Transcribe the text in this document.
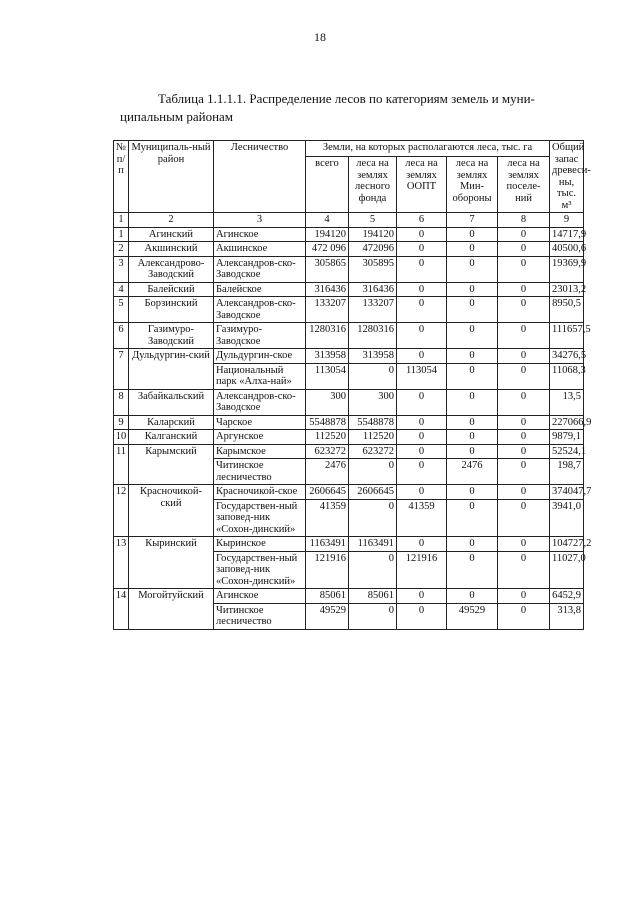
18
Таблица 1.1.1.1. Распределение лесов по категориям земель и муни-
ципальным районам
№ п/ п	Муниципаль-ный район	Лесничество	Земли, на которых располагаются леса, тыс. га					Общий запас древеси-ны, тыс. м³
			всего	леса на землях лесного фонда	леса на землях ООПТ	леса на землях Мин-обороны	леса на землях поселе-ний	
1	2	3	4	5	6	7	8	9
1	Агинский	Агинское	194120	194120	0	0	0	14717,9
2	Акшинский	Акшинское	472 096	472096	0	0	0	40500,6
3	Александрово-Заводский	Александров-ско-Заводское	305865	305895	0	0	0	19369,9
4	Балейский	Балейское	316436	316436	0	0	0	23013,2
5	Борзинский	Александров-ско-Заводское	133207	133207	0	0	0	8950,5
6	Газимуро-Заводский	Газимуро-Заводское	1280316	1280316	0	0	0	111657,5
7	Дульдургин-ский	Дульдургин-ское	313958	313958	0	0	0	34276,5
		Национальный парк «Алха-най»	113054	0	113054	0	0	11068,3
8	Забайкальский	Александров-ско-Заводское	300	300	0	0	0	13,5
9	Каларский	Чарское	5548878	5548878	0	0	0	227066,9
10	Калганский	Аргунское	112520	112520	0	0	0	9879,1
11	Карымский	Карымское	623272	623272	0	0	0	52524,1
		Читинское лесничество	2476	0	0	2476	0	198,7
12	Красночикой-ский	Красночикой-ское	2606645	2606645	0	0	0	374047,7
		Государствен-ный заповед-ник «Сохон-динский»	41359	0	41359	0	0	3941,0
13	Кыринский	Кыринское	1163491	1163491	0	0	0	104727,2
		Государствен-ный заповед-ник «Сохон-динский»	121916	0	121916	0	0	11027,0
14	Могойтуйский	Агинское	85061	85061	0	0	0	6452,9
		Читинское лесничество	49529	0	0	49529	0	313,8
